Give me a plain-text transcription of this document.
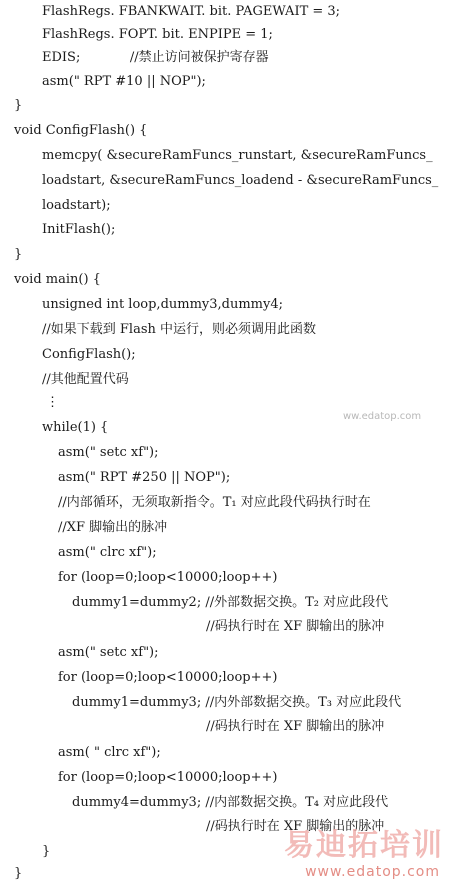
FlashRegs. FBANKWAIT. bit. PAGEWAIT = 3;
FlashRegs. FOPT. bit. ENPIPE = 1;
EDIS;            //禁止访问被保护寄存器
asm(" RPT #10 || NOP");
}
void ConfigFlash() {
memcpy( &secureRamFuncs_runstart, &secureRamFuncs_
loadstart, &secureRamFuncs_loadend - &secureRamFuncs_
loadstart);
InitFlash();
}
void main() {
unsigned int loop,dummy3,dummy4;
//如果下载到 Flash 中运行，则必须调用此函数
ConfigFlash();
//其他配置代码
⋮
while(1) {
asm(" setc xf");
asm(" RPT #250 || NOP");
//内部循环，无须取新指令。T₁ 对应此段代码执行时在
//XF 脚输出的脉冲
asm(" clrc xf");
for (loop=0;loop<10000;loop++)
dummy1=dummy2; //外部数据交换。T₂ 对应此段代
//码执行时在 XF 脚输出的脉冲
asm(" setc xf");
for (loop=0;loop<10000;loop++)
dummy1=dummy3; //内外部数据交换。T₃ 对应此段代
//码执行时在 XF 脚输出的脉冲
asm( " clrc xf");
for (loop=0;loop<10000;loop++)
dummy4=dummy3; //内部数据交换。T₄ 对应此段代
//码执行时在 XF 脚输出的脉冲
}
}
ww.edatop.com
易迪拓培训
www.edatop.com
